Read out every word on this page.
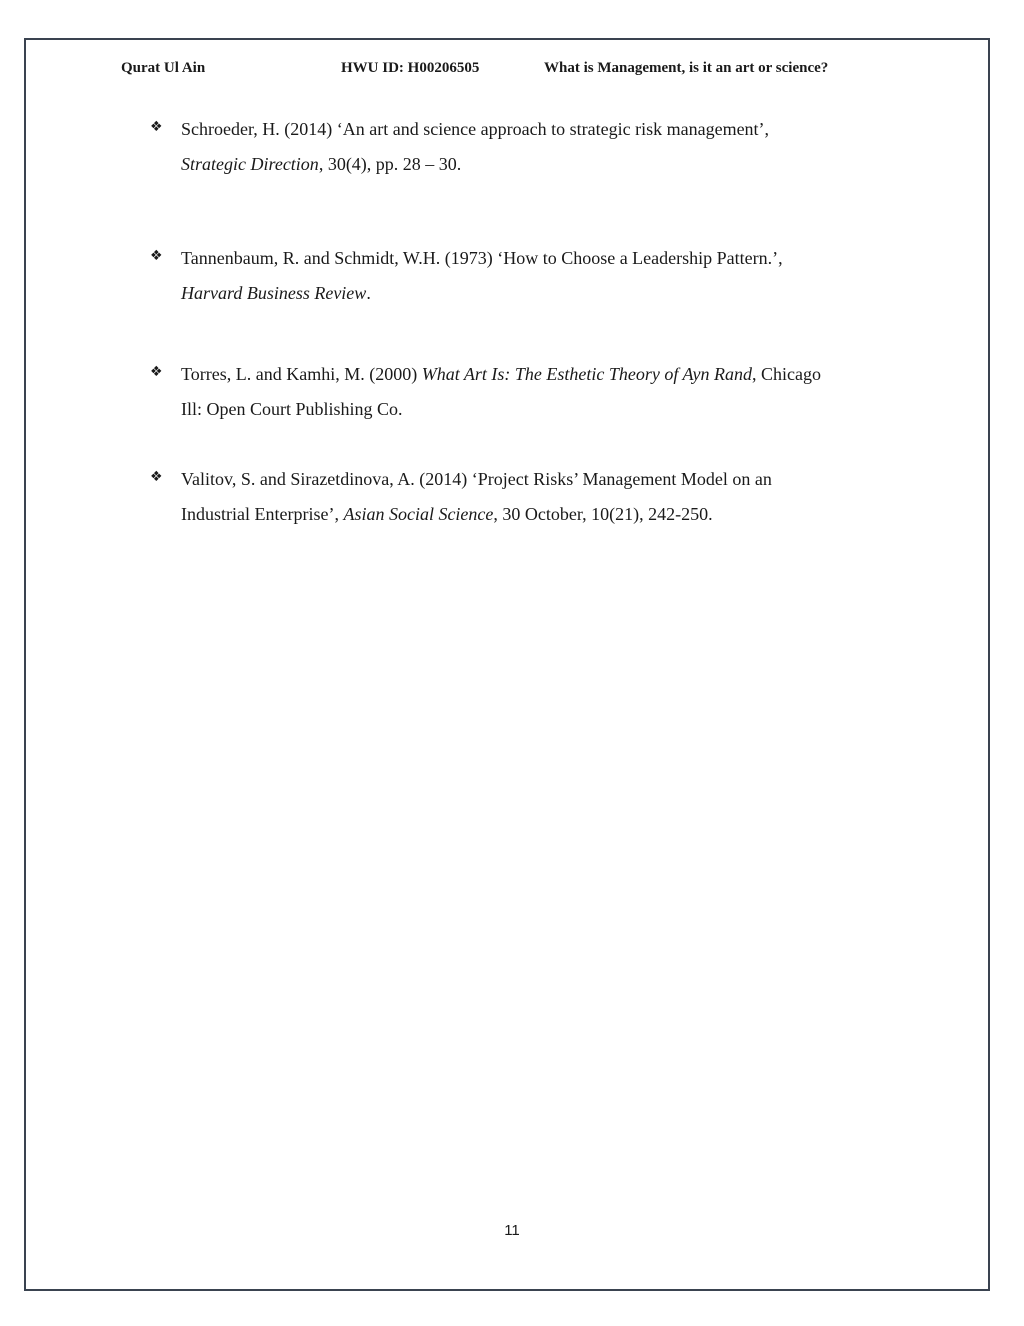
Qurat Ul Ain	HWU ID: H00206505	What is Management, is it an art or science?
❖ Schroeder, H. (2014) ‘An art and science approach to strategic risk management’,
Strategic Direction, 30(4), pp. 28 – 30.
❖ Tannenbaum, R. and Schmidt, W.H. (1973) ‘How to Choose a Leadership Pattern.’,
Harvard Business Review.
❖ Torres, L. and Kamhi, M. (2000) What Art Is: The Esthetic Theory of Ayn Rand, Chicago
Ill: Open Court Publishing Co.
❖ Valitov, S. and Sirazetdinova, A. (2014) ‘Project Risks’ Management Model on an
Industrial Enterprise’, Asian Social Science, 30 October, 10(21), 242-250.
11
